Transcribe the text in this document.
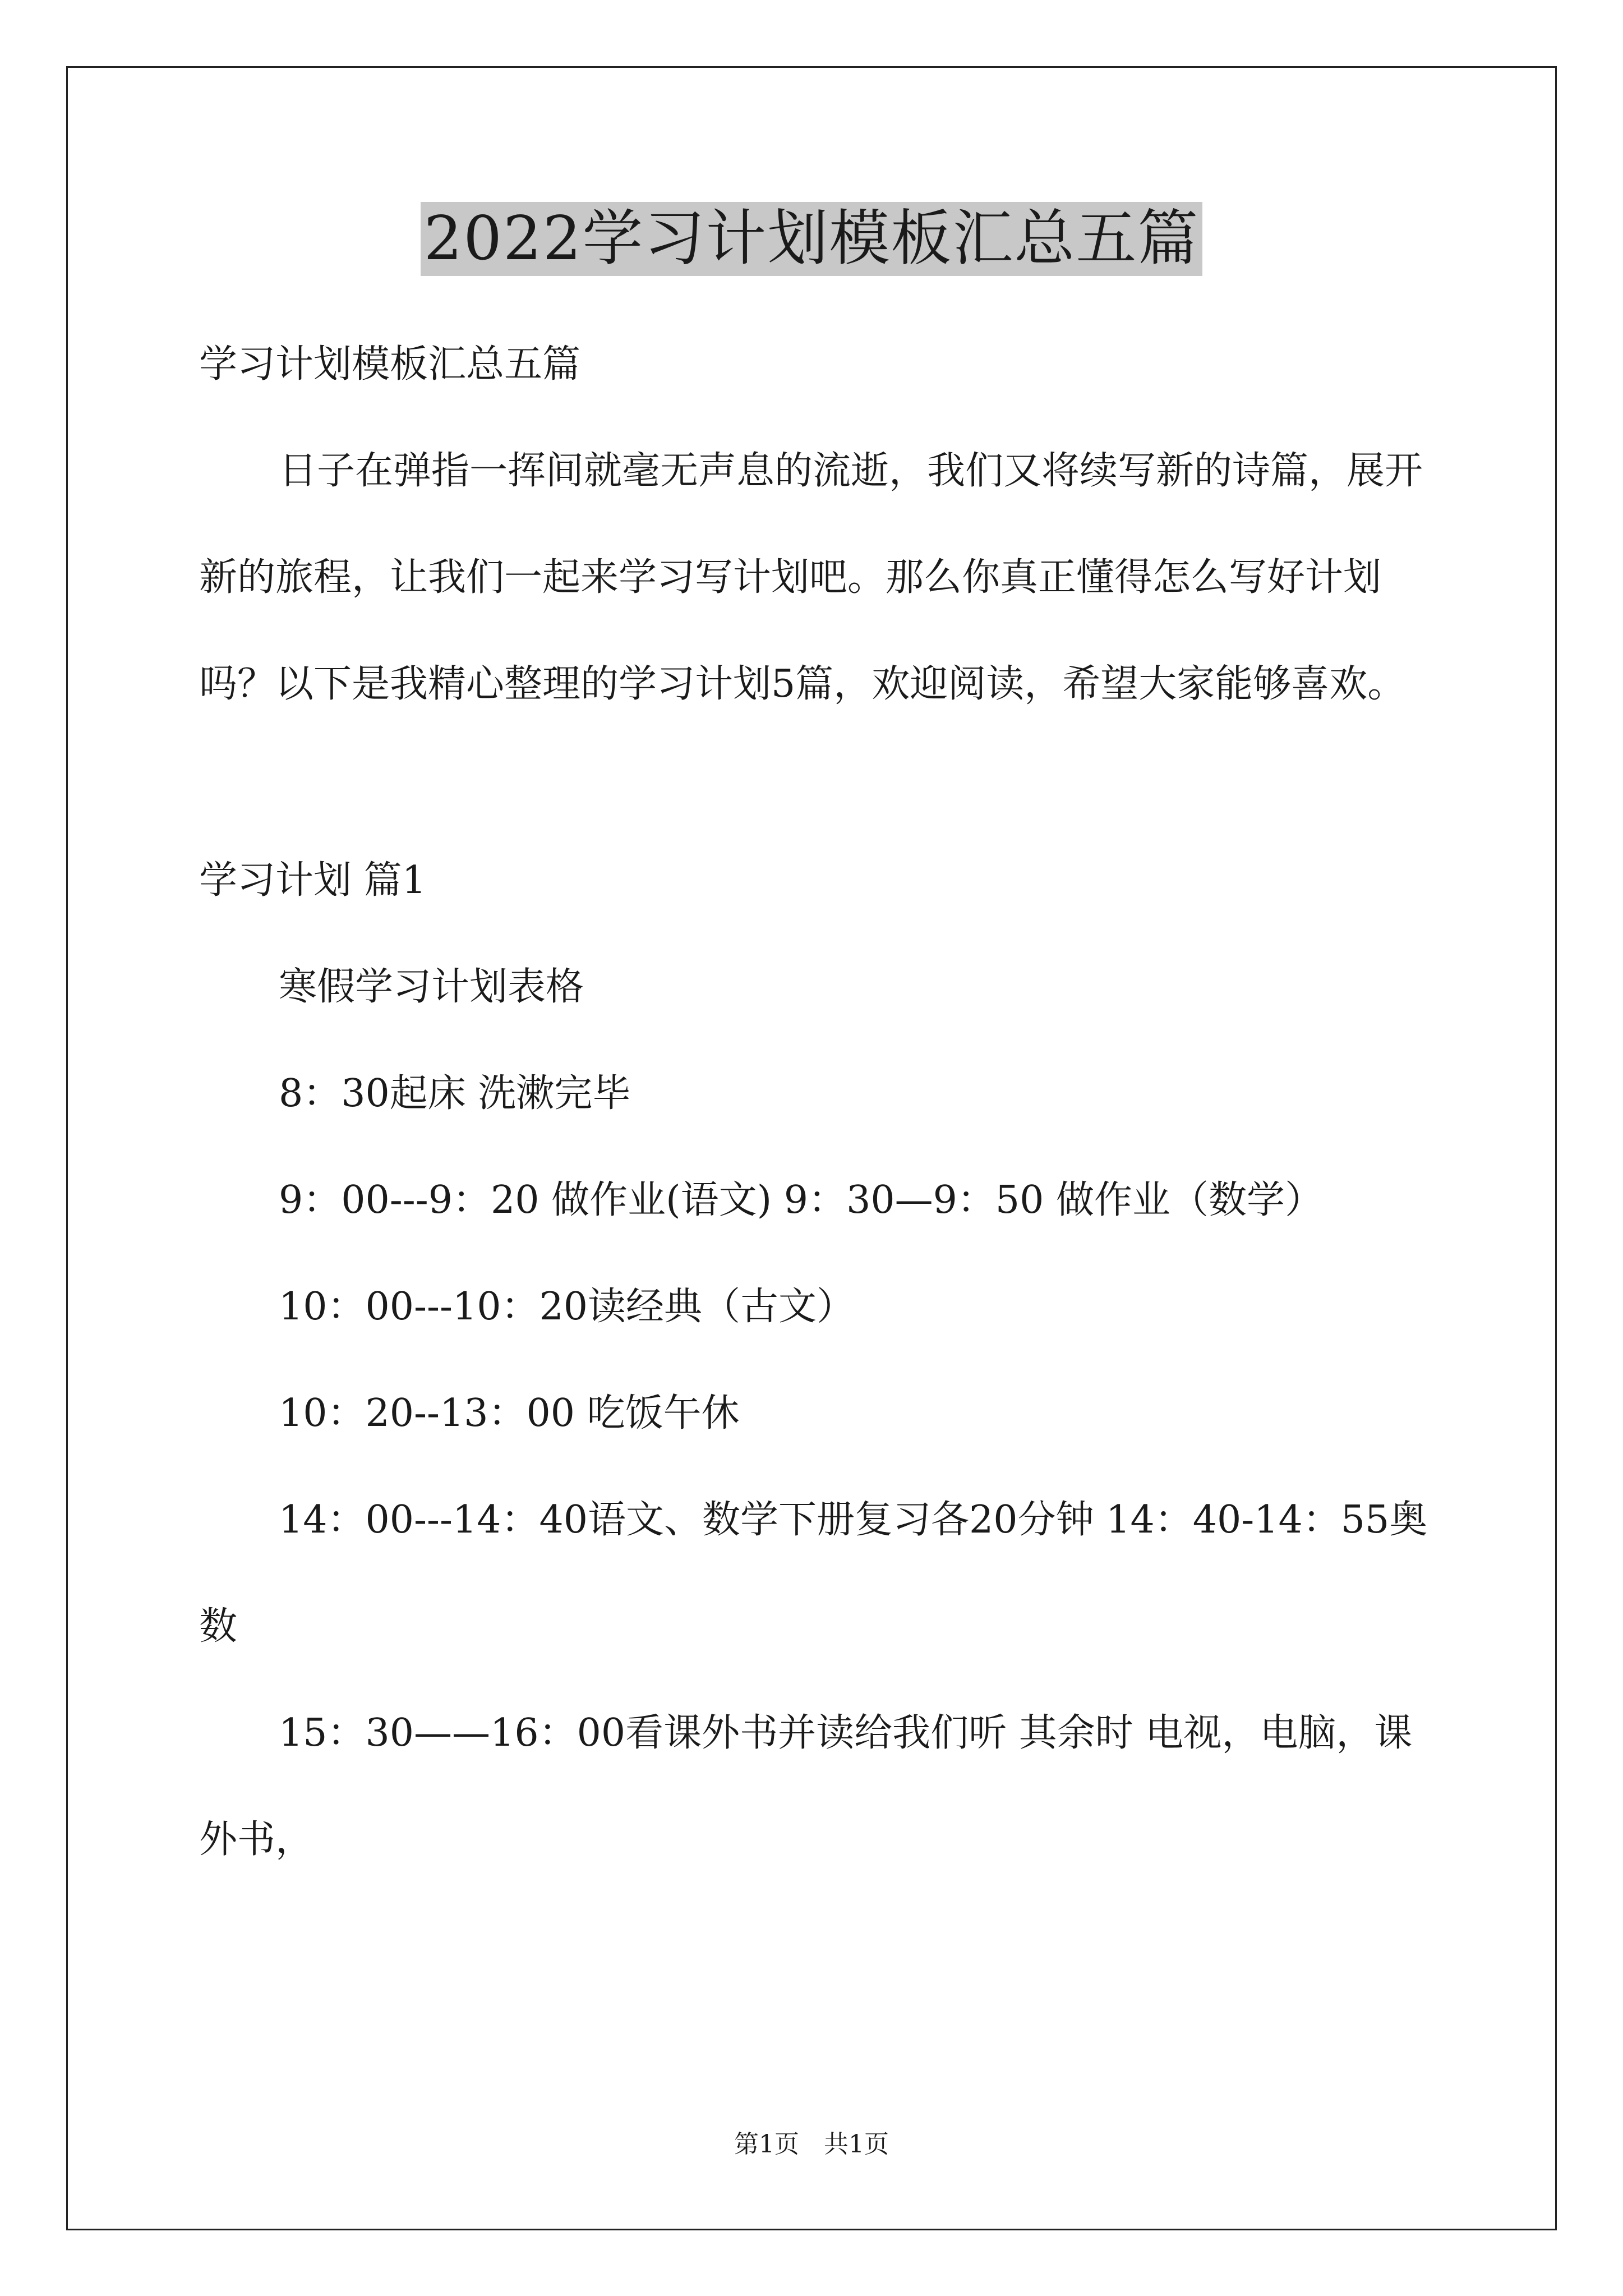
2022学习计划模板汇总五篇

学习计划模板汇总五篇

日子在弹指一挥间就毫无声息的流逝，我们又将续写新的诗篇，展开新的旅程，让我们一起来学习写计划吧。那么你真正懂得怎么写好计划吗？以下是我精心整理的学习计划5篇，欢迎阅读，希望大家能够喜欢。

学习计划 篇1

寒假学习计划表格

8：30起床 洗漱完毕

9：00---9：20 做作业(语文) 9：30—9：50 做作业（数学）

10：00---10：20读经典（古文）

10：20--13：00 吃饭午休

14：00---14：40语文、数学下册复习各20分钟 14：40-14：55奥数

15：30——16：00看课外书并读给我们听 其余时 电视，电脑，课外书，

第1页 共1页
